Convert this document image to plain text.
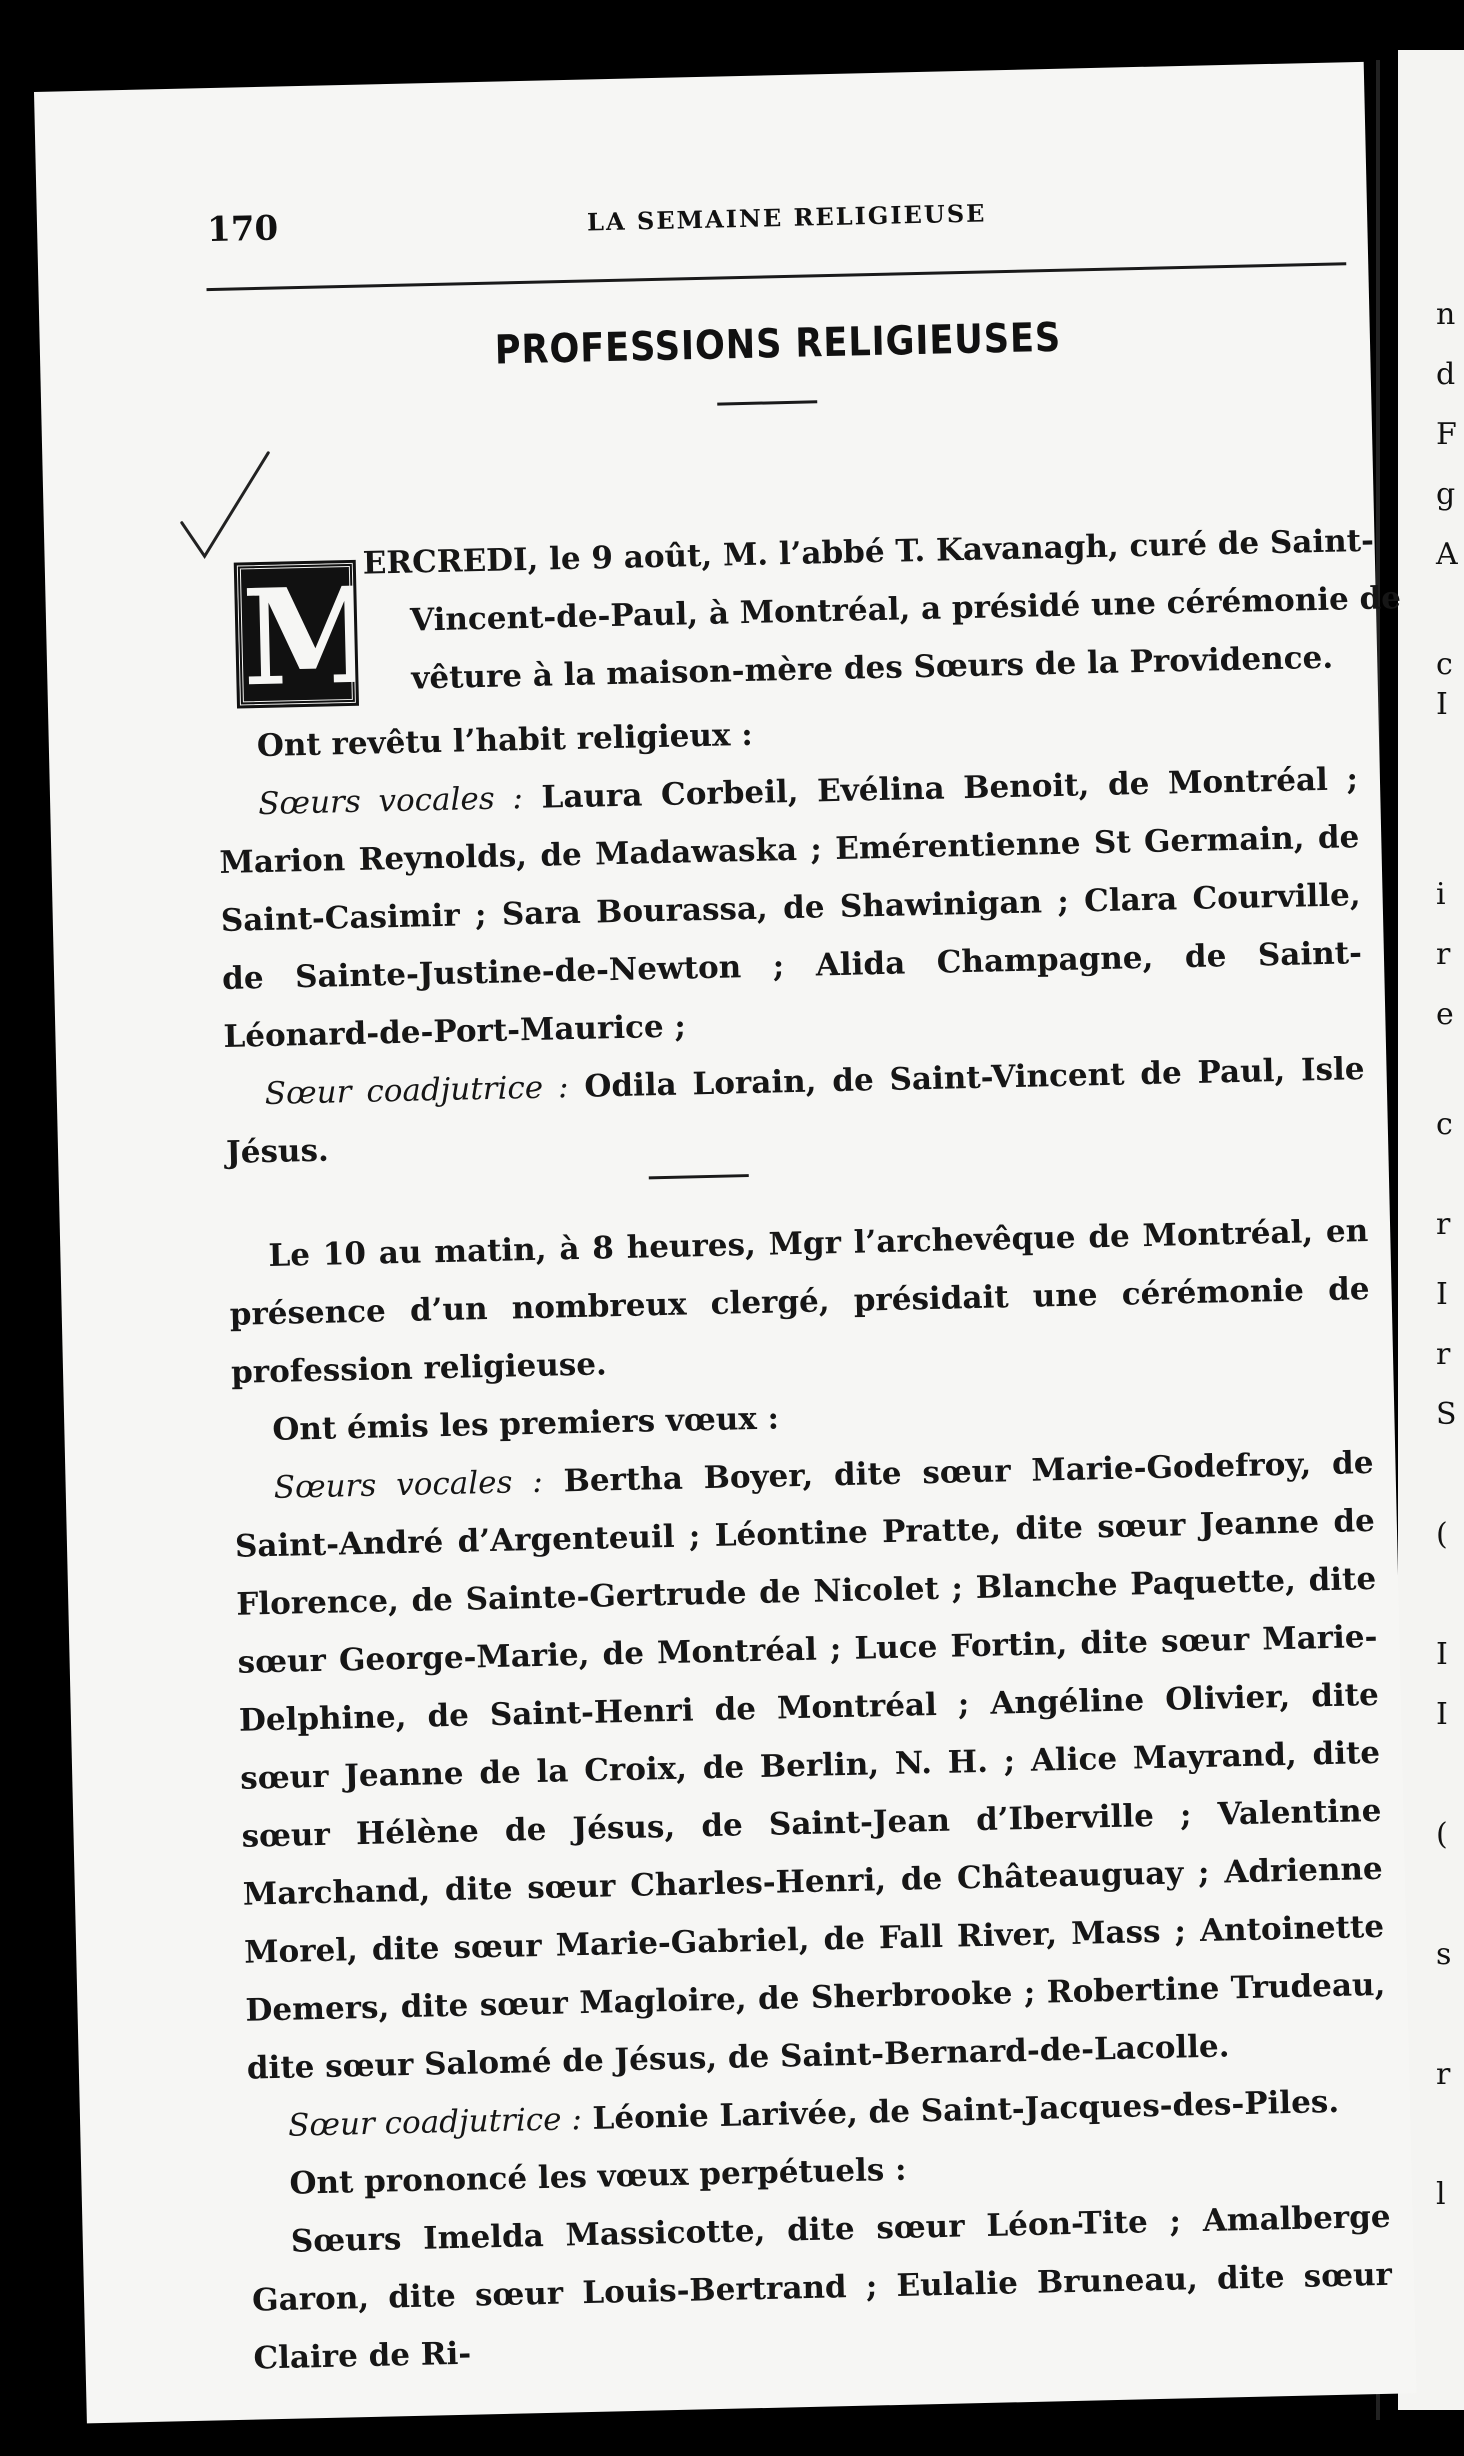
n
d
F
g
A
c
I
i
r
e
c
r
I
r
S
(
I
I
(
s
r
l
170	LA SEMAINE RELIGIEUSE
PROFESSIONS RELIGIEUSES
M
ERCREDI, le 9 août, M. l’abbé T. Kavanagh, curé de Saint-
Vincent-de-Paul, à Montréal, a présidé une cérémonie de
vêture à la maison-mère des Sœurs de la Providence.

Ont revêtu l’habit religieux :

Sœurs vocales : Laura Corbeil, Evélina Benoit, de Montréal ; Marion Reynolds, de Madawaska ; Emérentienne St Germain, de Saint-Casimir ; Sara Bourassa, de Shawinigan ; Clara Courville, de Sainte-Justine-de-Newton ; Alida Champagne, de Saint-Léonard-de-Port-Maurice ;

Sœur coadjutrice : Odila Lorain, de Saint-Vincent de Paul, Isle Jésus.

Le 10 au matin, à 8 heures, Mgr l’archevêque de Montréal, en présence d’un nombreux clergé, présidait une cérémonie de profession religieuse.

Ont émis les premiers vœux :

Sœurs vocales : Bertha Boyer, dite sœur Marie-Godefroy, de Saint-André d’Argenteuil ; Léontine Pratte, dite sœur Jeanne de Florence, de Sainte-Gertrude de Nicolet ; Blanche Paquette, dite sœur George-Marie, de Montréal ; Luce Fortin, dite sœur Marie-Delphine, de Saint-Henri de Montréal ; Angéline Olivier, dite sœur Jeanne de la Croix, de Berlin, N. H. ; Alice Mayrand, dite sœur Hélène de Jésus, de Saint-Jean d’Iberville ; Valentine Marchand, dite sœur Charles-Henri, de Châteauguay ; Adrienne Morel, dite sœur Marie-Gabriel, de Fall River, Mass ; Antoinette Demers, dite sœur Magloire, de Sherbrooke ; Robertine Trudeau, dite sœur Salomé de Jésus, de Saint-Bernard-de-Lacolle.

Sœur coadjutrice : Léonie Larivée, de Saint-Jacques-des-Piles.

Ont prononcé les vœux perpétuels :

Sœurs Imelda Massicotte, dite sœur Léon-Tite ; Amalberge Garon, dite sœur Louis-Bertrand ; Eulalie Bruneau, dite sœur Claire de Ri-
